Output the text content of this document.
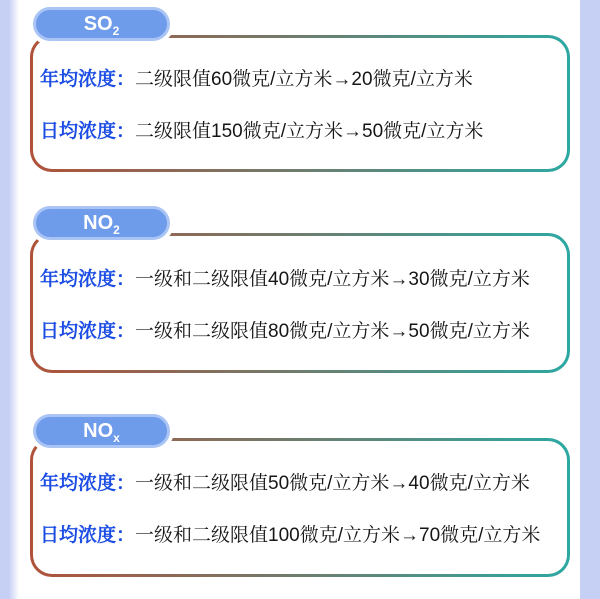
$SO_2$
年均浓度：二级限值60微克/立方米→20微克/立方米
日均浓度：二级限值150微克/立方米→50微克/立方米
$NO_2$
年均浓度：一级和二级限值40微克/立方米→30微克/立方米
日均浓度：一级和二级限值80微克/立方米→50微克/立方米
$NO_x$
年均浓度：一级和二级限值50微克/立方米→40微克/立方米
日均浓度：一级和二级限值100微克/立方米→70微克/立方米
